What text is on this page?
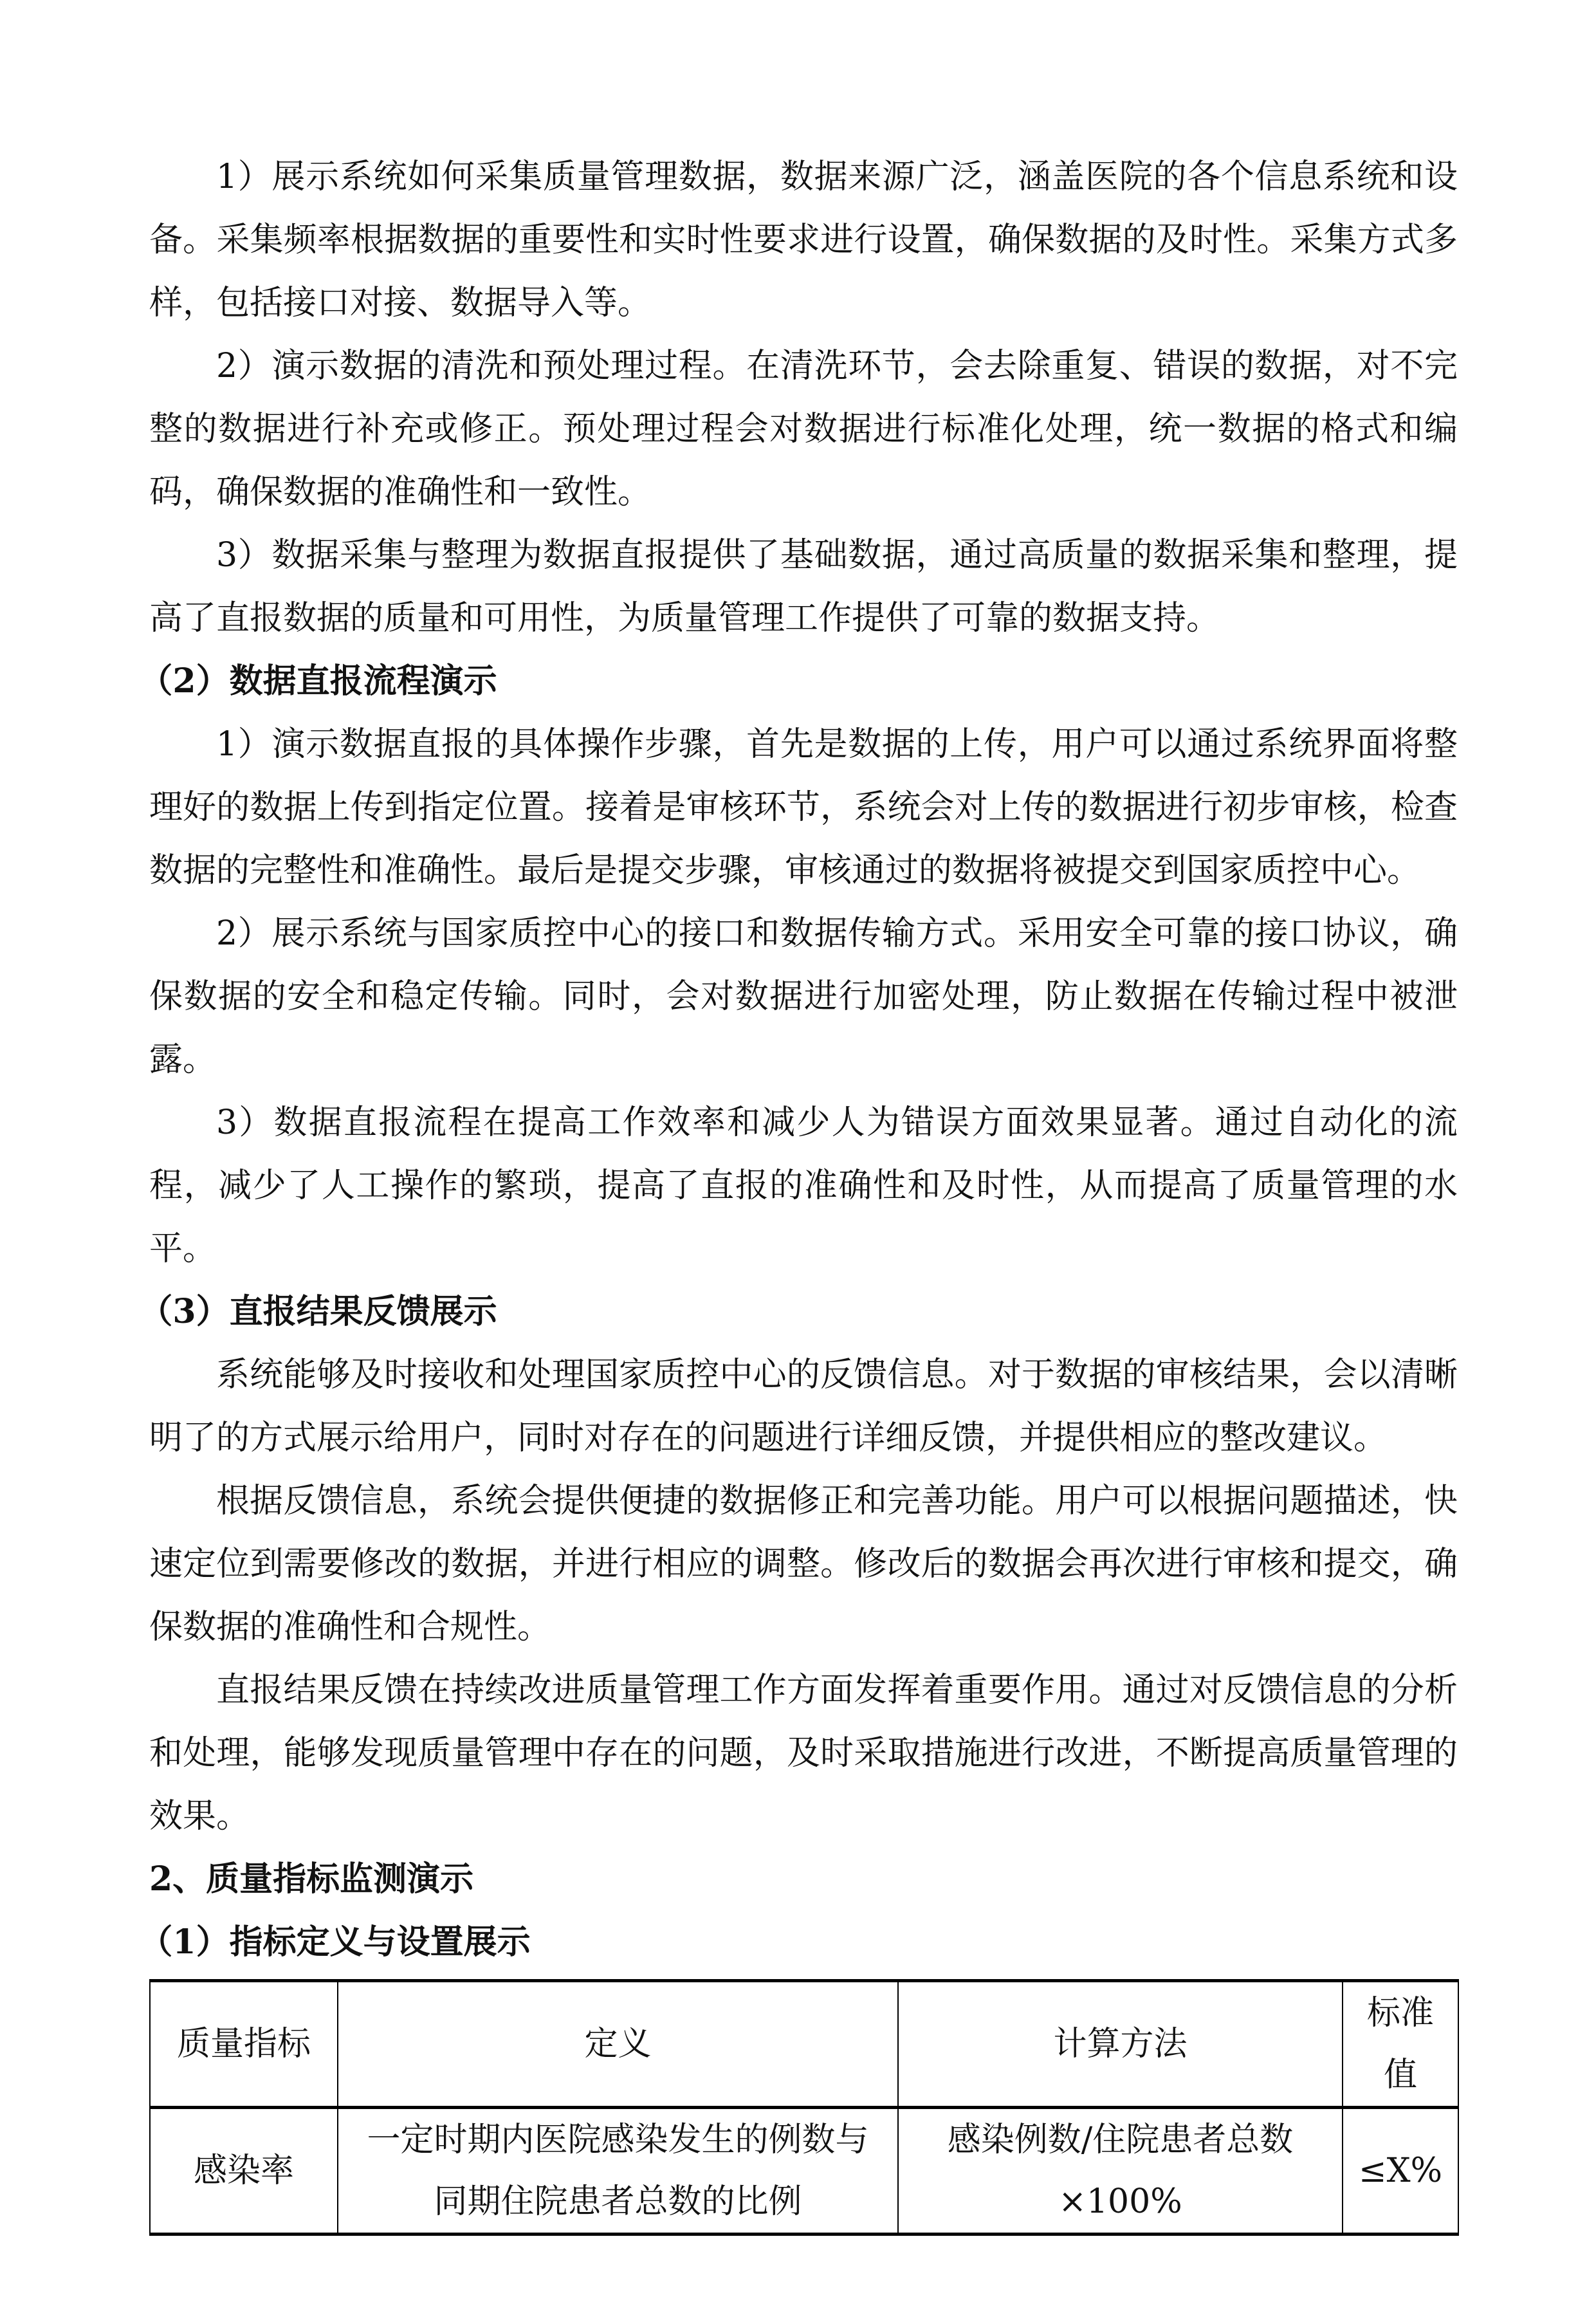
1）展示系统如何采集质量管理数据，数据来源广泛，涵盖医院的各个信息系统和设备。采集频率根据数据的重要性和实时性要求进行设置，确保数据的及时性。采集方式多样，包括接口对接、数据导入等。

2）演示数据的清洗和预处理过程。在清洗环节，会去除重复、错误的数据，对不完整的数据进行补充或修正。预处理过程会对数据进行标准化处理，统一数据的格式和编码，确保数据的准确性和一致性。

3）数据采集与整理为数据直报提供了基础数据，通过高质量的数据采集和整理，提高了直报数据的质量和可用性，为质量管理工作提供了可靠的数据支持。

（2）数据直报流程演示

1）演示数据直报的具体操作步骤，首先是数据的上传，用户可以通过系统界面将整理好的数据上传到指定位置。接着是审核环节，系统会对上传的数据进行初步审核，检查数据的完整性和准确性。最后是提交步骤，审核通过的数据将被提交到国家质控中心。

2）展示系统与国家质控中心的接口和数据传输方式。采用安全可靠的接口协议，确保数据的安全和稳定传输。同时，会对数据进行加密处理，防止数据在传输过程中被泄露。

3）数据直报流程在提高工作效率和减少人为错误方面效果显著。通过自动化的流程，减少了人工操作的繁琐，提高了直报的准确性和及时性，从而提高了质量管理的水平。

（3）直报结果反馈展示

系统能够及时接收和处理国家质控中心的反馈信息。对于数据的审核结果，会以清晰明了的方式展示给用户，同时对存在的问题进行详细反馈，并提供相应的整改建议。

根据反馈信息，系统会提供便捷的数据修正和完善功能。用户可以根据问题描述，快速定位到需要修改的数据，并进行相应的调整。修改后的数据会再次进行审核和提交，确保数据的准确性和合规性。

直报结果反馈在持续改进质量管理工作方面发挥着重要作用。通过对反馈信息的分析和处理，能够发现质量管理中存在的问题，及时采取措施进行改进，不断提高质量管理的效果。

2、质量指标监测演示
（1）指标定义与设置展示
质量指标	定义	计算方法	标准值
感染率	一定时期内医院感染发生的例数与同期住院患者总数的比例	感染例数/住院患者总数×100%	≤X%
